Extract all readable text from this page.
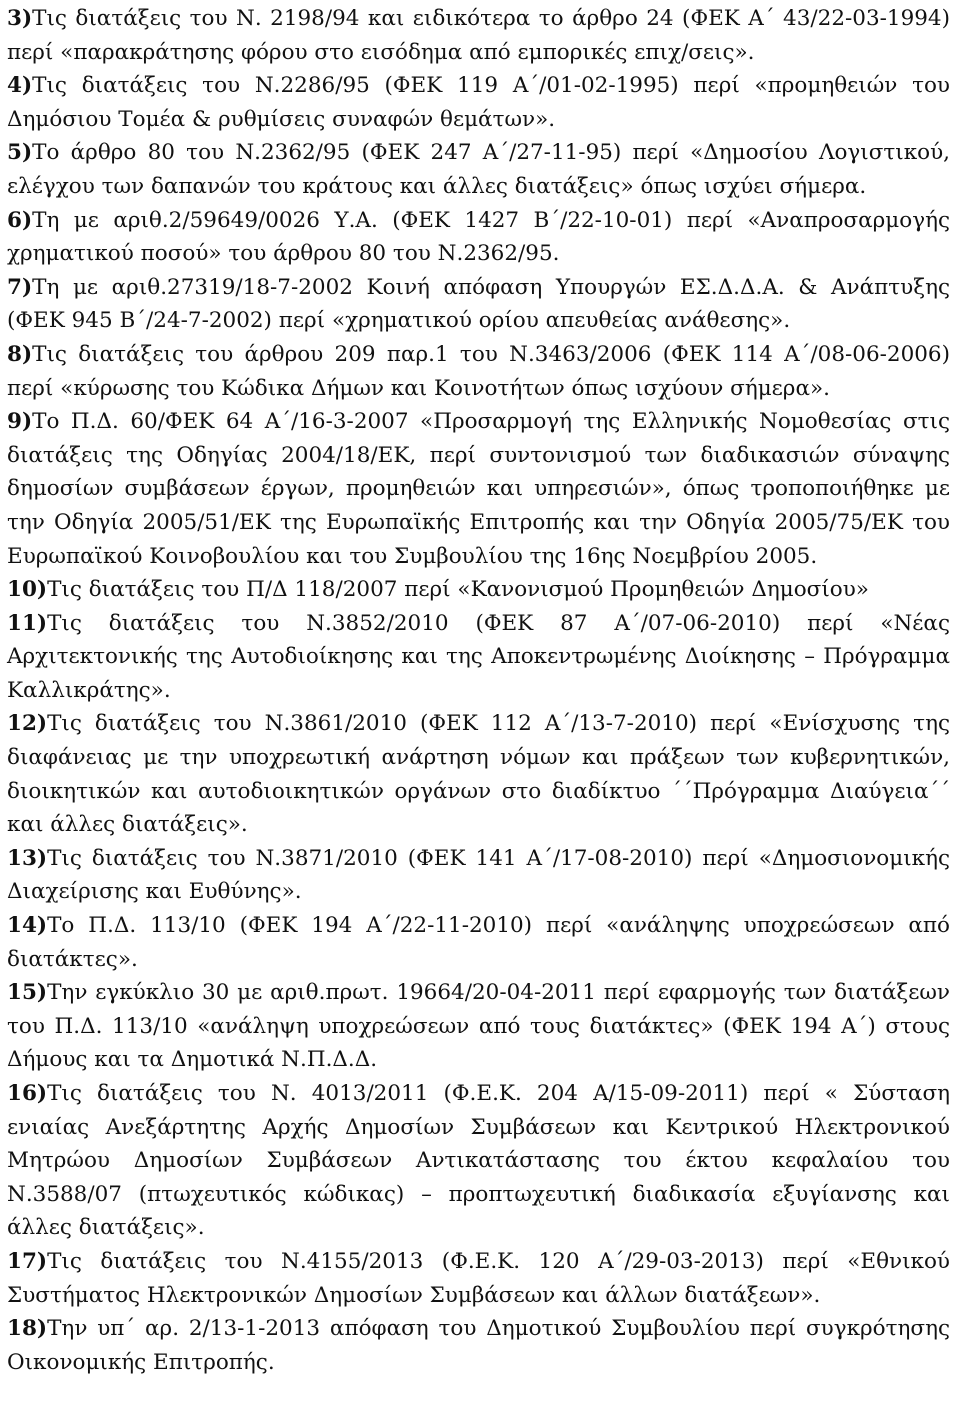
3)Τις διατάξεις του Ν. 2198/94 και ειδικότερα το άρθρο 24 (ΦΕΚ Α΄ 43/22-03-1994) περί «παρακράτησης φόρου στο εισόδημα από εμπορικές επιχ/σεις».

4)Τις διατάξεις του Ν.2286/95 (ΦΕΚ 119 Α΄/01-02-1995) περί «προμηθειών του Δημόσιου Τομέα & ρυθμίσεις συναφών θεμάτων».

5)Το άρθρο 80 του Ν.2362/95 (ΦΕΚ 247 Α΄/27-11-95) περί «Δημοσίου Λογιστικού, ελέγχου των δαπανών του κράτους και άλλες διατάξεις» όπως ισχύει σήμερα.

6)Τη με αριθ.2/59649/0026 Υ.Α. (ΦΕΚ 1427 Β΄/22-10-01) περί «Αναπροσαρμογής χρηματικού ποσού» του άρθρου 80 του Ν.2362/95.

7)Τη με αριθ.27319/18-7-2002 Κοινή απόφαση Υπουργών ΕΣ.Δ.Δ.Α. & Ανάπτυξης (ΦΕΚ 945 Β΄/24-7-2002) περί «χρηματικού ορίου απευθείας ανάθεσης».

8)Τις διατάξεις του άρθρου 209 παρ.1 του Ν.3463/2006 (ΦΕΚ 114 Α΄/08-06-2006) περί «κύρωσης του Κώδικα Δήμων και Κοινοτήτων όπως ισχύουν σήμερα».

9)Το Π.Δ. 60/ΦΕΚ 64 Α΄/16-3-2007 «Προσαρμογή της Ελληνικής Νομοθεσίας στις διατάξεις της Οδηγίας 2004/18/ΕΚ, περί συντονισμού των διαδικασιών σύναψης δημοσίων συμβάσεων έργων, προμηθειών και υπηρεσιών», όπως τροποποιήθηκε με την Οδηγία 2005/51/ΕΚ της Ευρωπαϊκής Επιτροπής και την Οδηγία 2005/75/ΕΚ του Ευρωπαϊκού Κοινοβουλίου και του Συμβουλίου της 16ης Νοεμβρίου 2005.

10)Τις διατάξεις του Π/Δ 118/2007 περί «Κανονισμού Προμηθειών Δημοσίου»

11)Τις διατάξεις του Ν.3852/2010 (ΦΕΚ 87 Α΄/07-06-2010) περί «Νέας Αρχιτεκτονικής της Αυτοδιοίκησης και της Αποκεντρωμένης Διοίκησης – Πρόγραμμα Καλλικράτης».

12)Τις διατάξεις του Ν.3861/2010 (ΦΕΚ 112 Α΄/13-7-2010) περί «Ενίσχυσης της διαφάνειας με την υποχρεωτική ανάρτηση νόμων και πράξεων των κυβερνητικών, διοικητικών και αυτοδιοικητικών οργάνων στο διαδίκτυο ΄΄Πρόγραμμα Διαύγεια΄΄ και άλλες διατάξεις».

13)Τις διατάξεις του Ν.3871/2010 (ΦΕΚ 141 Α΄/17-08-2010) περί «Δημοσιονομικής Διαχείρισης και Ευθύνης».

14)Το Π.Δ. 113/10 (ΦΕΚ 194 Α΄/22-11-2010) περί «ανάληψης υποχρεώσεων από διατάκτες».

15)Την εγκύκλιο 30 με αριθ.πρωτ. 19664/20-04-2011 περί εφαρμογής των διατάξεων του Π.Δ. 113/10 «ανάληψη υποχρεώσεων από τους διατάκτες» (ΦΕΚ 194 Α΄) στους Δήμους και τα Δημοτικά Ν.Π.Δ.Δ.

16)Τις διατάξεις του Ν. 4013/2011 (Φ.Ε.Κ. 204 Α/15-09-2011) περί « Σύσταση ενιαίας Ανεξάρτητης Αρχής Δημοσίων Συμβάσεων και Κεντρικού Ηλεκτρονικού Μητρώου Δημοσίων Συμβάσεων Αντικατάστασης του έκτου κεφαλαίου του Ν.3588/07 (πτωχευτικός κώδικας) – προπτωχευτική διαδικασία εξυγίανσης και άλλες διατάξεις».

17)Τις διατάξεις του Ν.4155/2013 (Φ.Ε.Κ. 120 Α΄/29-03-2013) περί «Εθνικού Συστήματος Ηλεκτρονικών Δημοσίων Συμβάσεων και άλλων διατάξεων».

18)Την υπ΄ αρ. 2/13-1-2013 απόφαση του Δημοτικού Συμβουλίου περί συγκρότησης Οικονομικής Επιτροπής.
